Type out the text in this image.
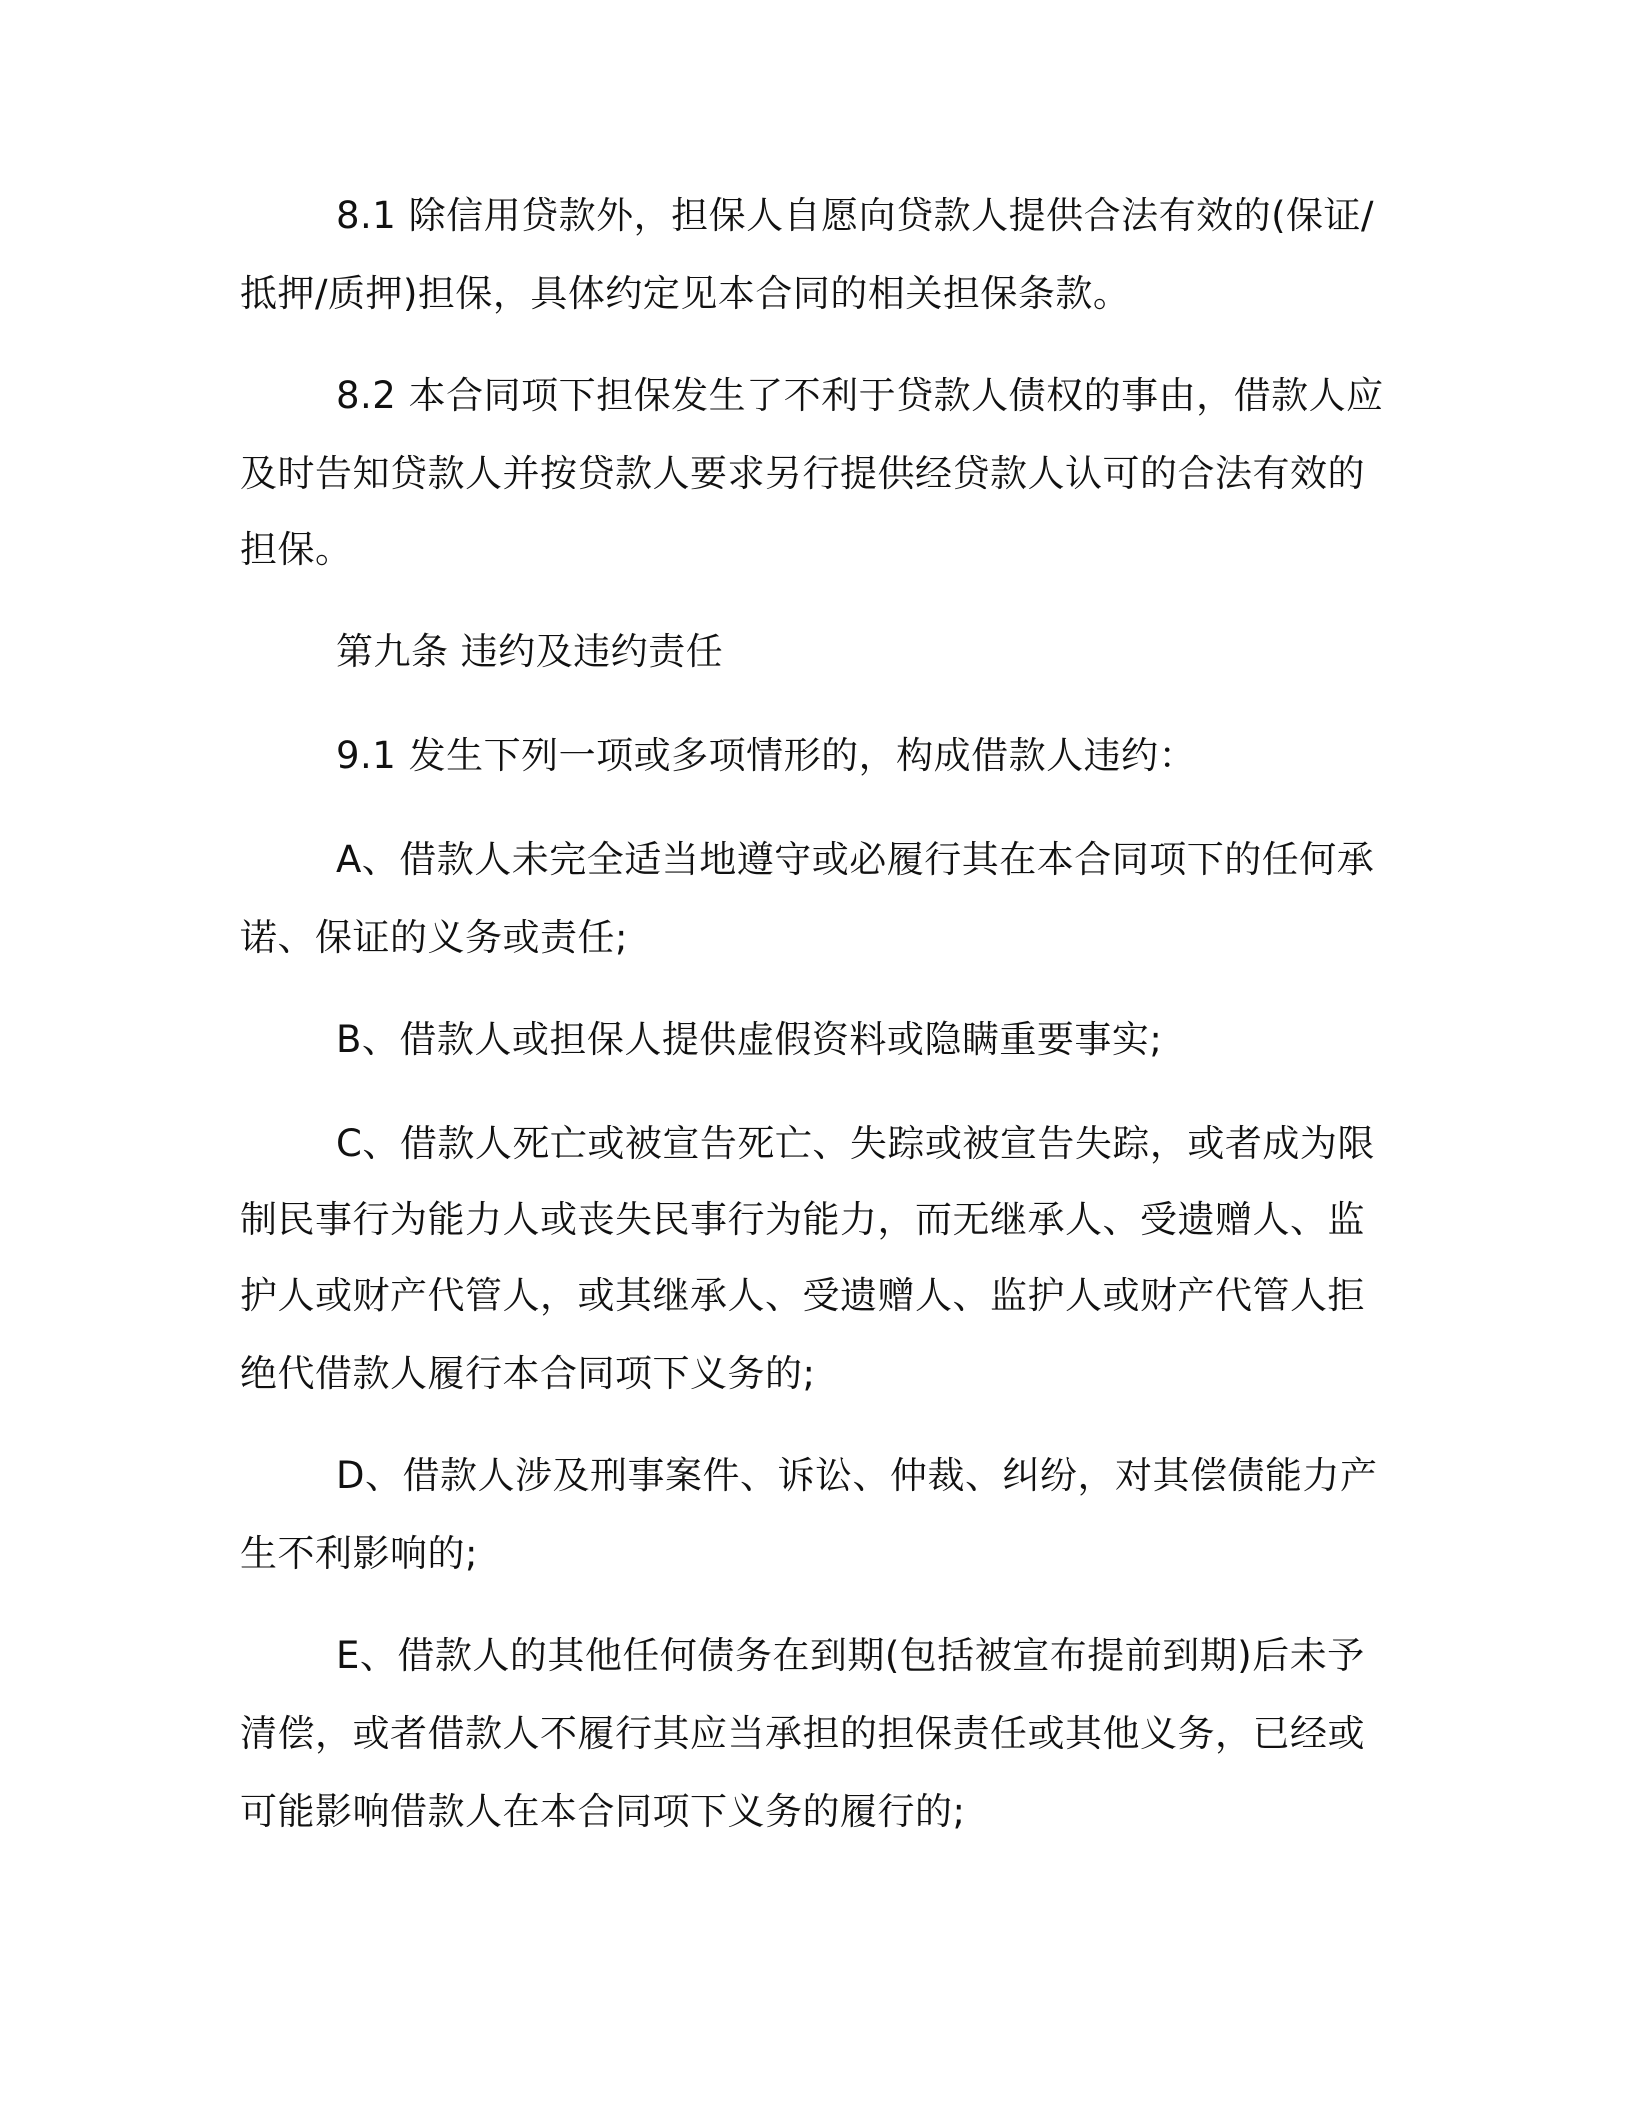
8.1 除信用贷款外，担保人自愿向贷款人提供合法有效的(保证/

抵押/质押)担保，具体约定见本合同的相关担保条款。

8.2 本合同项下担保发生了不利于贷款人债权的事由，借款人应

及时告知贷款人并按贷款人要求另行提供经贷款人认可的合法有效的

担保。

第九条 违约及违约责任

9.1 发生下列一项或多项情形的，构成借款人违约：

A、借款人未完全适当地遵守或必履行其在本合同项下的任何承

诺、保证的义务或责任;

B、借款人或担保人提供虚假资料或隐瞒重要事实;

C、借款人死亡或被宣告死亡、失踪或被宣告失踪，或者成为限

制民事行为能力人或丧失民事行为能力，而无继承人、受遗赠人、监

护人或财产代管人，或其继承人、受遗赠人、监护人或财产代管人拒

绝代借款人履行本合同项下义务的;

D、借款人涉及刑事案件、诉讼、仲裁、纠纷，对其偿债能力产

生不利影响的;

E、借款人的其他任何债务在到期(包括被宣布提前到期)后未予

清偿，或者借款人不履行其应当承担的担保责任或其他义务，已经或

可能影响借款人在本合同项下义务的履行的;
